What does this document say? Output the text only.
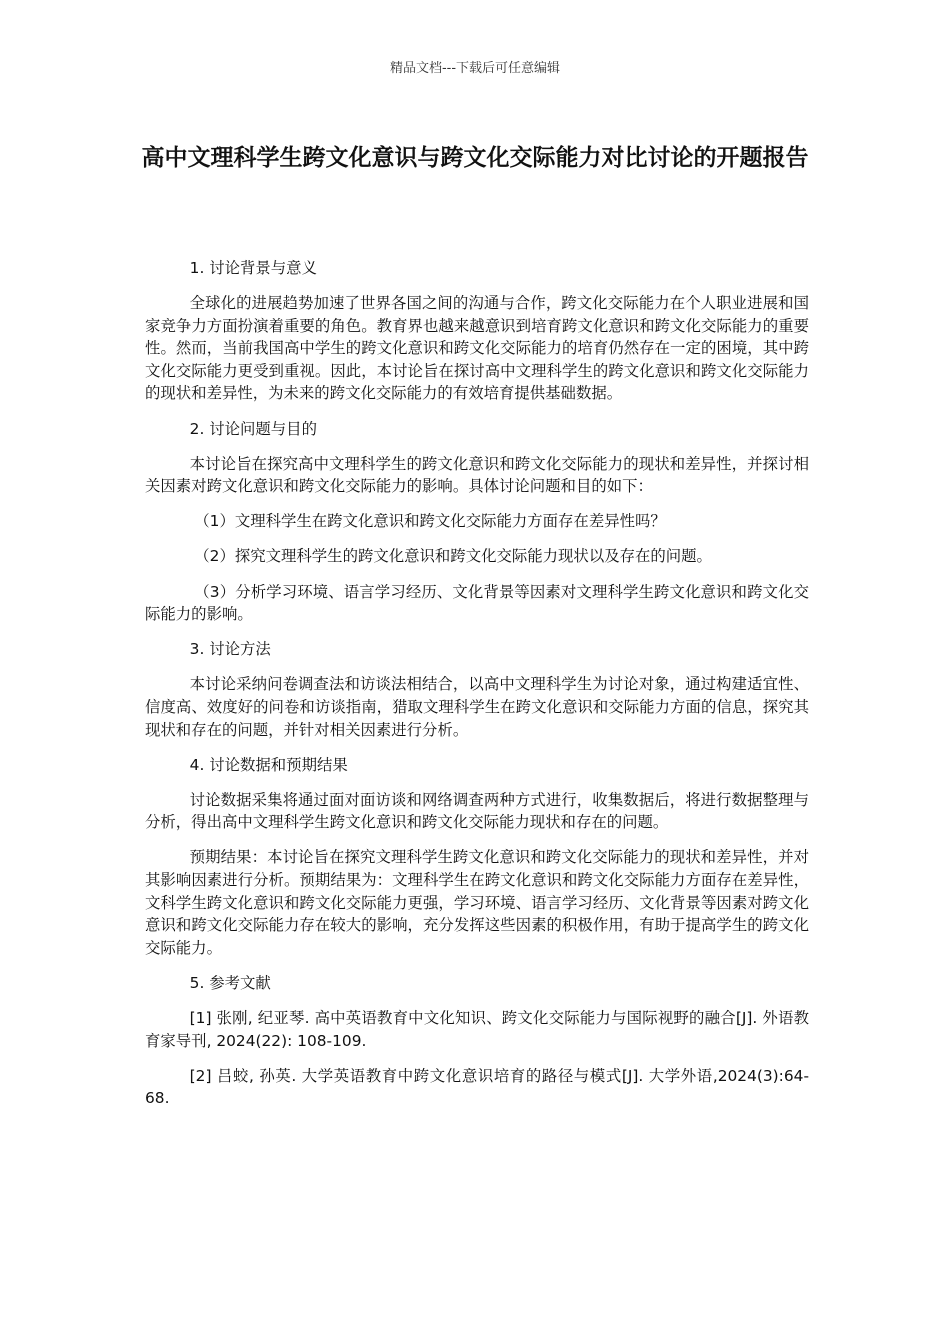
精品文档---下载后可任意编辑
高中文理科学生跨文化意识与跨文化交际能力对比讨论的开题报告

1. 讨论背景与意义

全球化的进展趋势加速了世界各国之间的沟通与合作，跨文化交际能力在个人职业进展和国家竞争力方面扮演着重要的角色。教育界也越来越意识到培育跨文化意识和跨文化交际能力的重要性。然而，当前我国高中学生的跨文化意识和跨文化交际能力的培育仍然存在一定的困境，其中跨文化交际能力更受到重视。因此，本讨论旨在探讨高中文理科学生的跨文化意识和跨文化交际能力的现状和差异性，为未来的跨文化交际能力的有效培育提供基础数据。

2. 讨论问题与目的

本讨论旨在探究高中文理科学生的跨文化意识和跨文化交际能力的现状和差异性，并探讨相关因素对跨文化意识和跨文化交际能力的影响。具体讨论问题和目的如下：

（1）文理科学生在跨文化意识和跨文化交际能力方面存在差异性吗？

（2）探究文理科学生的跨文化意识和跨文化交际能力现状以及存在的问题。

（3）分析学习环境、语言学习经历、文化背景等因素对文理科学生跨文化意识和跨文化交际能力的影响。

3. 讨论方法

本讨论采纳问卷调查法和访谈法相结合，以高中文理科学生为讨论对象，通过构建适宜性、信度高、效度好的问卷和访谈指南，猎取文理科学生在跨文化意识和交际能力方面的信息，探究其现状和存在的问题，并针对相关因素进行分析。

4. 讨论数据和预期结果

讨论数据采集将通过面对面访谈和网络调查两种方式进行，收集数据后，将进行数据整理与分析，得出高中文理科学生跨文化意识和跨文化交际能力现状和存在的问题。

预期结果：本讨论旨在探究文理科学生跨文化意识和跨文化交际能力的现状和差异性，并对其影响因素进行分析。预期结果为：文理科学生在跨文化意识和跨文化交际能力方面存在差异性，文科学生跨文化意识和跨文化交际能力更强，学习环境、语言学习经历、文化背景等因素对跨文化意识和跨文化交际能力存在较大的影响，充分发挥这些因素的积极作用，有助于提高学生的跨文化交际能力。

5. 参考文献

[1] 张刚, 纪亚琴. 高中英语教育中文化知识、跨文化交际能力与国际视野的融合[J]. 外语教育家导刊, 2024(22): 108-109.

[2] 吕蛟, 孙英. 大学英语教育中跨文化意识培育的路径与模式[J]. 大学外语,2024(3):64-68.
